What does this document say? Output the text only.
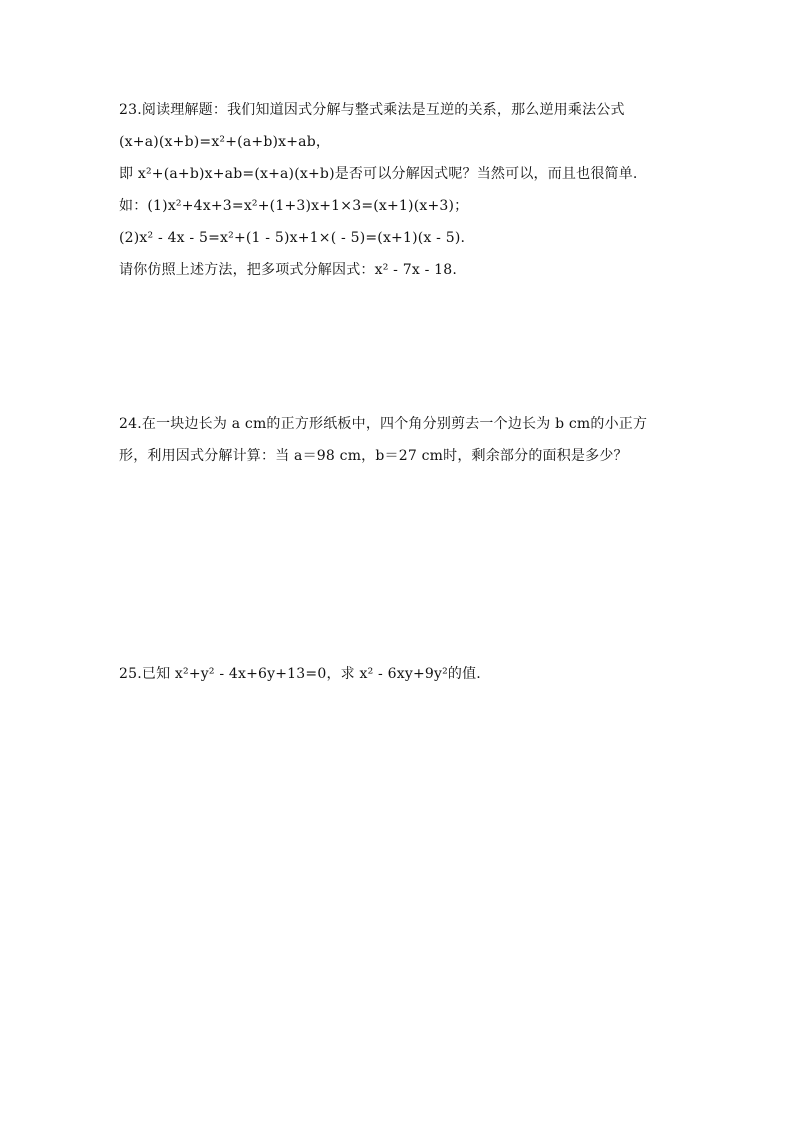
23.阅读理解题：我们知道因式分解与整式乘法是互逆的关系，那么逆用乘法公式
(x+a)(x+b)=x²+(a+b)x+ab，
即 x²+(a+b)x+ab=(x+a)(x+b)是否可以分解因式呢？当然可以，而且也很简单.
如：(1)x²+4x+3=x²+(1+3)x+1×3=(x+1)(x+3)；
(2)x² - 4x - 5=x²+(1 - 5)x+1×( - 5)=(x+1)(x - 5).
请你仿照上述方法，把多项式分解因式：x² - 7x - 18.
24.在一块边长为 a cm的正方形纸板中，四个角分别剪去一个边长为 b cm的小正方
形，利用因式分解计算：当 a＝98 cm，b＝27 cm时，剩余部分的面积是多少？
25.已知 x²+y² - 4x+6y+13=0，求 x² - 6xy+9y²的值.
